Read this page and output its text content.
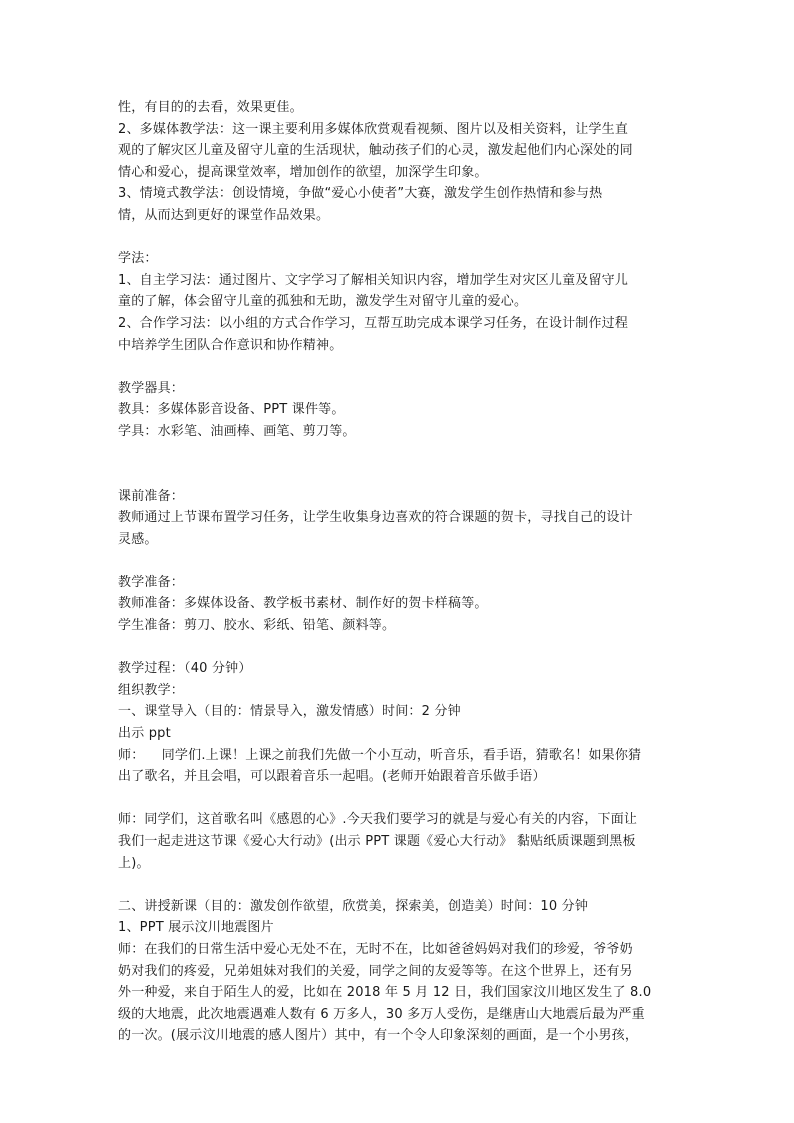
性，有目的的去看，效果更佳。
2、多媒体教学法：这一课主要利用多媒体欣赏观看视频、图片以及相关资料，让学生直
观的了解灾区儿童及留守儿童的生活现状，触动孩子们的心灵，激发起他们内心深处的同
情心和爱心，提高课堂效率，增加创作的欲望，加深学生印象。
3、情境式教学法：创设情境，争做“爱心小使者”大赛，激发学生创作热情和参与热
情，从而达到更好的课堂作品效果。
学法：
1、自主学习法：通过图片、文字学习了解相关知识内容，增加学生对灾区儿童及留守儿
童的了解，体会留守儿童的孤独和无助，激发学生对留守儿童的爱心。
2、合作学习法：以小组的方式合作学习，互帮互助完成本课学习任务，在设计制作过程
中培养学生团队合作意识和协作精神。
教学器具：
教具：多媒体影音设备、PPT 课件等。
学具：水彩笔、油画棒、画笔、剪刀等。
课前准备：
教师通过上节课布置学习任务，让学生收集身边喜欢的符合课题的贺卡，寻找自己的设计
灵感。
教学准备：
教师准备：多媒体设备、教学板书素材、制作好的贺卡样稿等。
学生准备：剪刀、胶水、彩纸、铅笔、颜料等。
教学过程：（40 分钟）
组织教学：
一、课堂导入（目的：情景导入，激发情感）时间：2 分钟
出示 ppt
师：    同学们.上课！上课之前我们先做一个小互动，听音乐，看手语，猜歌名！如果你猜
出了歌名，并且会唱，可以跟着音乐一起唱。(老师开始跟着音乐做手语）
师：同学们，这首歌名叫《感恩的心》.今天我们要学习的就是与爱心有关的内容，下面让
我们一起走进这节课《爱心大行动》(出示 PPT 课题《爱心大行动》 黏贴纸质课题到黑板
上)。
二、讲授新课（目的：激发创作欲望，欣赏美，探索美，创造美）时间：10 分钟
1、PPT 展示汶川地震图片
师：在我们的日常生活中爱心无处不在，无时不在，比如爸爸妈妈对我们的珍爱，爷爷奶
奶对我们的疼爱，兄弟姐妹对我们的关爱，同学之间的友爱等等。在这个世界上，还有另
外一种爱，来自于陌生人的爱，比如在 2018 年 5 月 12 日，我们国家汶川地区发生了 8.0
级的大地震，此次地震遇难人数有 6 万多人，30 多万人受伤，是继唐山大地震后最为严重
的一次。(展示汶川地震的感人图片）其中，有一个令人印象深刻的画面，是一个小男孩，
